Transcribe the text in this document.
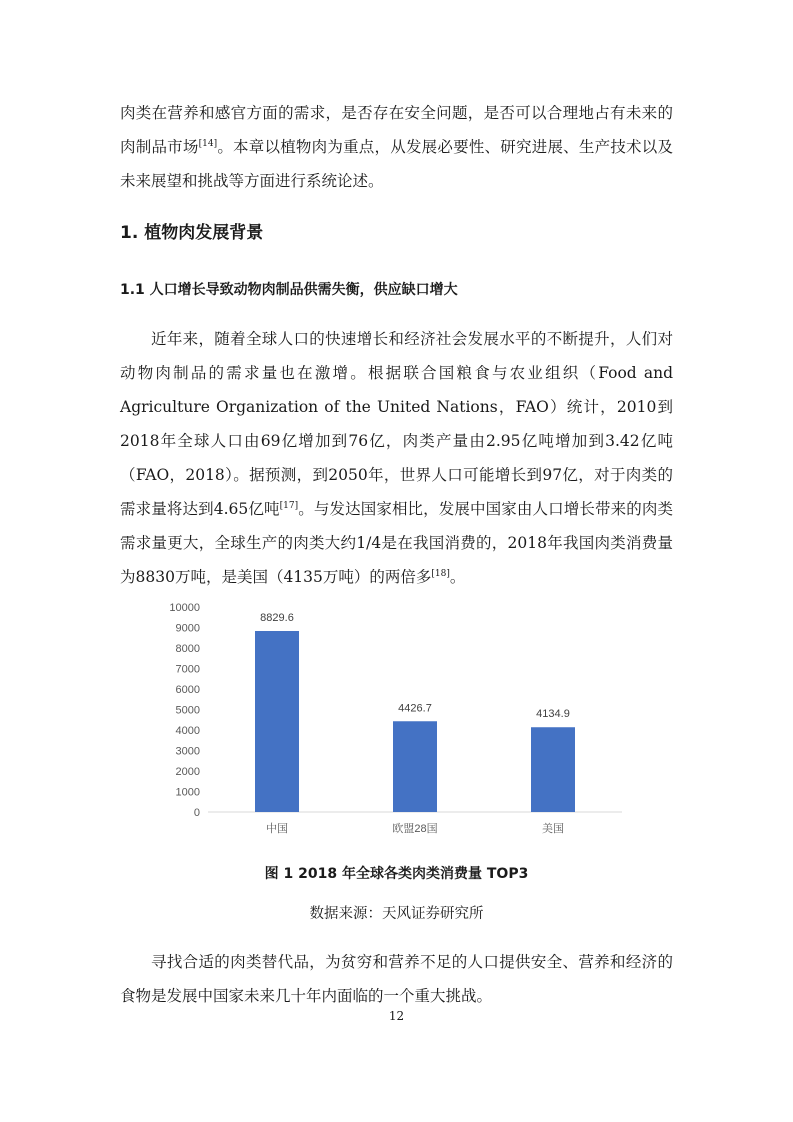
肉类在营养和感官方面的需求，是否存在安全问题，是否可以合理地占有未来的肉制品市场[14]。本章以植物肉为重点，从发展必要性、研究进展、生产技术以及未来展望和挑战等方面进行系统论述。

1. 植物肉发展背景
1.1 人口增长导致动物肉制品供需失衡，供应缺口增大

近年来，随着全球人口的快速增长和经济社会发展水平的不断提升，人们对动物肉制品的需求量也在激增。根据联合国粮食与农业组织（Food and Agriculture Organization of the United Nations，FAO）统计，2010到2018年全球人口由69亿增加到76亿，肉类产量由2.95亿吨增加到3.42亿吨（FAO，2018）。据预测，到2050年，世界人口可能增长到97亿，对于肉类的需求量将达到4.65亿吨[17]。与发达国家相比，发展中国家由人口增长带来的肉类需求量更大，全球生产的肉类大约1/4是在我国消费的，2018年我国肉类消费量为8830万吨，是美国（4135万吨）的两倍多[18]。

0
1000
2000
3000
4000
5000
6000
7000
8000
9000
10000
8829.6
4426.7	4134.9
中国	欧盟28国	美国

图 1 2018 年全球各类肉类消费量 TOP3

数据来源：天风证券研究所

寻找合适的肉类替代品，为贫穷和营养不足的人口提供安全、营养和经济的食物是发展中国家未来几十年内面临的一个重大挑战。

12
